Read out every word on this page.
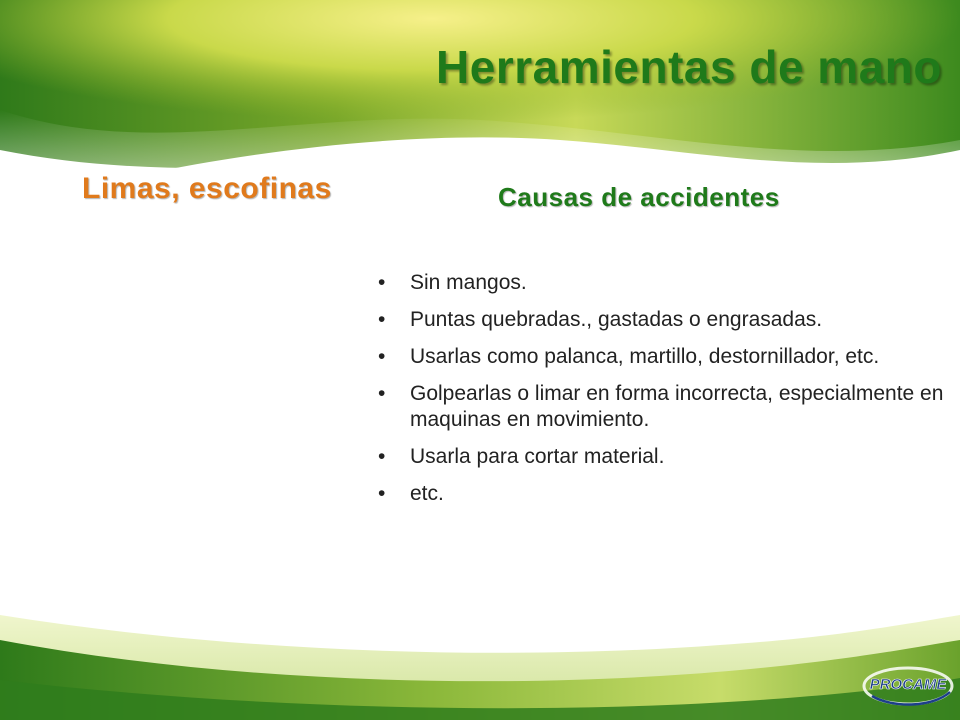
Herramientas de mano
Limas, escofinas	Causas de accidentes
• Sin mangos.
• Puntas quebradas., gastadas o engrasadas.
• Usarlas como palanca, martillo, destornillador, etc.
• Golpearlas o limar en forma incorrecta, especialmente en maquinas en movimiento.
• Usarla para cortar material.
• etc.
PROCAME
